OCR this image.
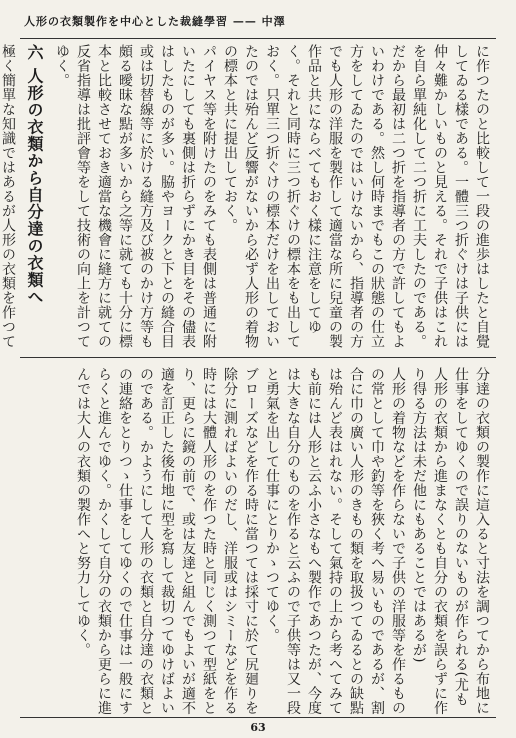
人形の衣類製作を中心とした裁縫學習 —— 中澤

に作つたのと比較して一段の進歩はしたと自覺してゐる樣である。一體三つ折ぐけは子供には仲々難かしいものと見える。それで子供はこれを自ら單純化して二つ折に工夫したのである。だから最初は二つ折を指導者の方で許してもよいわけである。然し何時までもこの狀態の仕立方をしてゐたのではいけないから、指導者の方でも人形の洋服を製作して適當な所に兒童の製作品と共にならべてもおく樣に注意をしてゆく。それと同時に三つ折ぐけの標本をも出しておく。只單三つ折ぐけの標本だけを出しておいたのでは殆んど反響がないから必ず人形の着物の標本と共に提出しておく。

パイヤス等を附けたのをみても表側は普通に附いたにしても裏側は折らずにかき目をその儘表はしたものが多い。脇やヨークと下との縫合目或は切替線等に於ける縫方及び被のかけ方等も頗る曖昧な點が多いから之等に就ても十分に標本と比較させておき適當な機會に縫方に就ての反省指導は批評會等をして技術の向上を計つてゆく。

六 人形の衣類から自分達の衣類へ

極く簡單な知識ではあるが人形の衣類を作つて

分達の衣類の製作に這入ると寸法を調つてから布地に仕事をしてゆくので誤りのないものが作られる(尤も人形の衣類から進まなくとも自分の衣類を誤らずに作り得る方法は未だ他にもあることではあるが)

人形の着物などを作らないで子供の洋服等を作るものの常として巾や釣等を狹く考へ易いものであるが、割合に巾の廣い人形のきもの類を取扱つてゐるとの缺點は殆んど表はれない。そして氣持の上から考へてみても前には人形と云ふ小さなもへ製作であつたが、今度は大きな自分のものを作ると云ふので子供等は又一段と勇氣を出して仕事にとりかゝつてゆく。

ブローズなどを作る時に當つては採寸に於て尻廻りを除分に測ればよいのだし、洋服或はシミーなどを作る時には大體人形のを作つた時と同じく測つて型紙をとり、更らに鏡の前で、或は友達と組んでもよいが適不適を訂正した後布地に型を寫して裁切つてゆけばよいのである。かようにして人形の衣類と自分達の衣類との連絡をとりつゝ仕事をしてゆくので仕事は一般にすらくと進んでゆく。かくして自分の衣類から更らに進んでは大人の衣類の製作へと努力してゆく。

63
